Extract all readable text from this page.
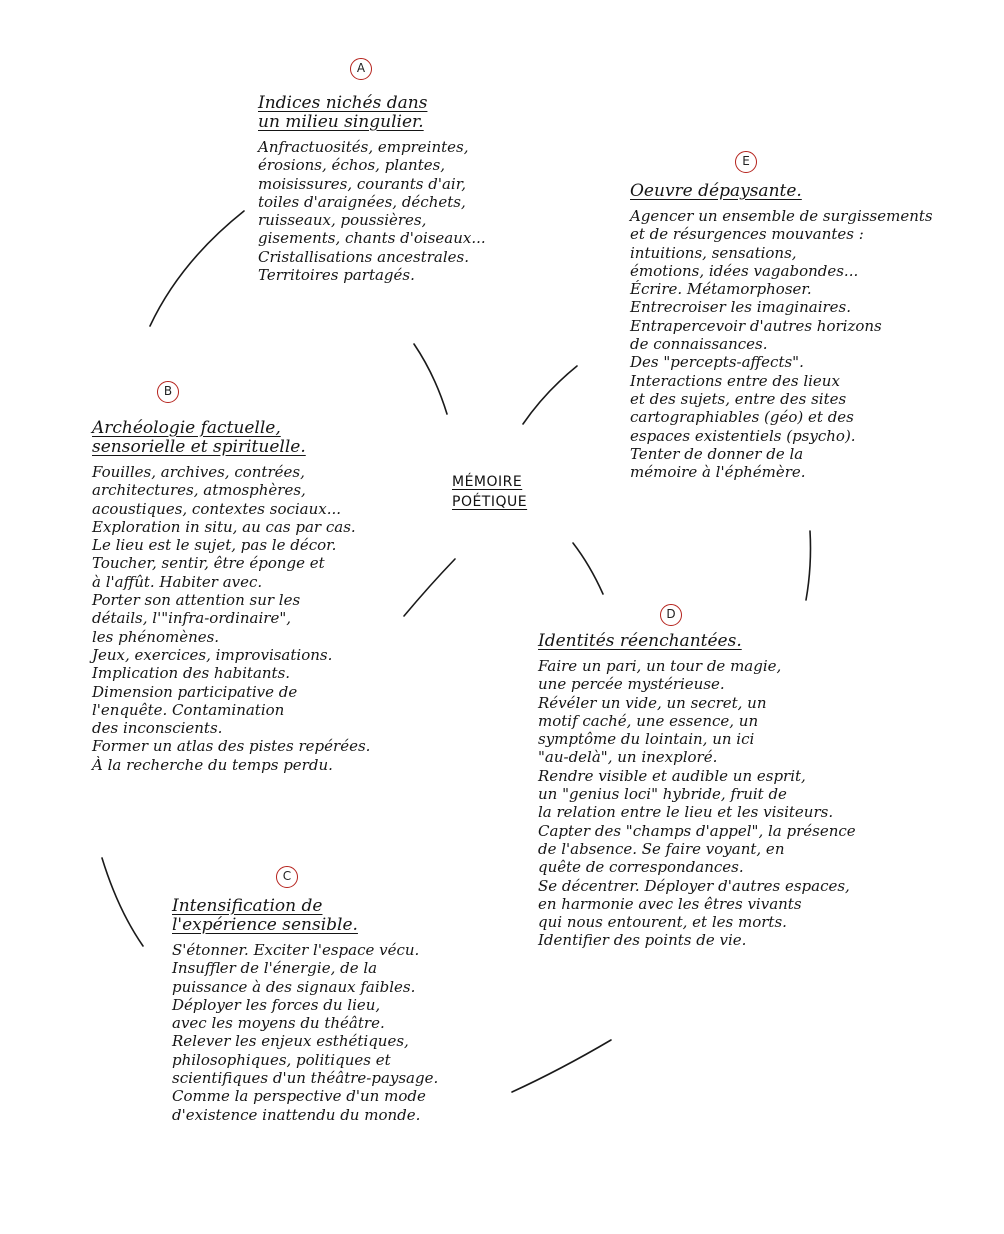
MÉMOIRE
POÉTIQUE
A
Indices nichés dans
un milieu singulier.
Anfractuosités, empreintes,
érosions, échos, plantes,
moisissures, courants d'air,
toiles d'araignées, déchets,
ruisseaux, poussières,
gisements, chants d'oiseaux...
Cristallisations ancestrales.
Territoires partagés.
E
Oeuvre dépaysante.
Agencer un ensemble de surgissements
et de résurgences mouvantes :
intuitions, sensations,
émotions, idées vagabondes...
Écrire. Métamorphoser.
Entrecroiser les imaginaires.
Entrapercevoir d'autres horizons
de connaissances.
Des "percepts-affects".
Interactions entre des lieux
et des sujets, entre des sites
cartographiables (géo) et des
espaces existentiels (psycho).
Tenter de donner de la
mémoire à l'éphémère.
B
Archéologie factuelle,
sensorielle et spirituelle.
Fouilles, archives, contrées,
architectures, atmosphères,
acoustiques, contextes sociaux...
Exploration in situ, au cas par cas.
Le lieu est le sujet, pas le décor.
Toucher, sentir, être éponge et
à l'affût. Habiter avec.
Porter son attention sur les
détails, l'"infra-ordinaire",
les phénomènes.
Jeux, exercices, improvisations.
Implication des habitants.
Dimension participative de
l'enquête. Contamination
des inconscients.
Former un atlas des pistes repérées.
À la recherche du temps perdu.
D
Identités réenchantées.
Faire un pari, un tour de magie,
une percée mystérieuse.
Révéler un vide, un secret, un
motif caché, une essence, un
symptôme du lointain, un ici
"au-delà", un inexploré.
Rendre visible et audible un esprit,
un "genius loci" hybride, fruit de
la relation entre le lieu et les visiteurs.
Capter des "champs d'appel", la présence
de l'absence. Se faire voyant, en
quête de correspondances.
Se décentrer. Déployer d'autres espaces,
en harmonie avec les êtres vivants
qui nous entourent, et les morts.
Identifier des points de vie.
C
Intensification de
l'expérience sensible.
S'étonner. Exciter l'espace vécu.
Insuffler de l'énergie, de la
puissance à des signaux faibles.
Déployer les forces du lieu,
avec les moyens du théâtre.
Relever les enjeux esthétiques,
philosophiques, politiques et
scientifiques d'un théâtre-paysage.
Comme la perspective d'un mode
d'existence inattendu du monde.
